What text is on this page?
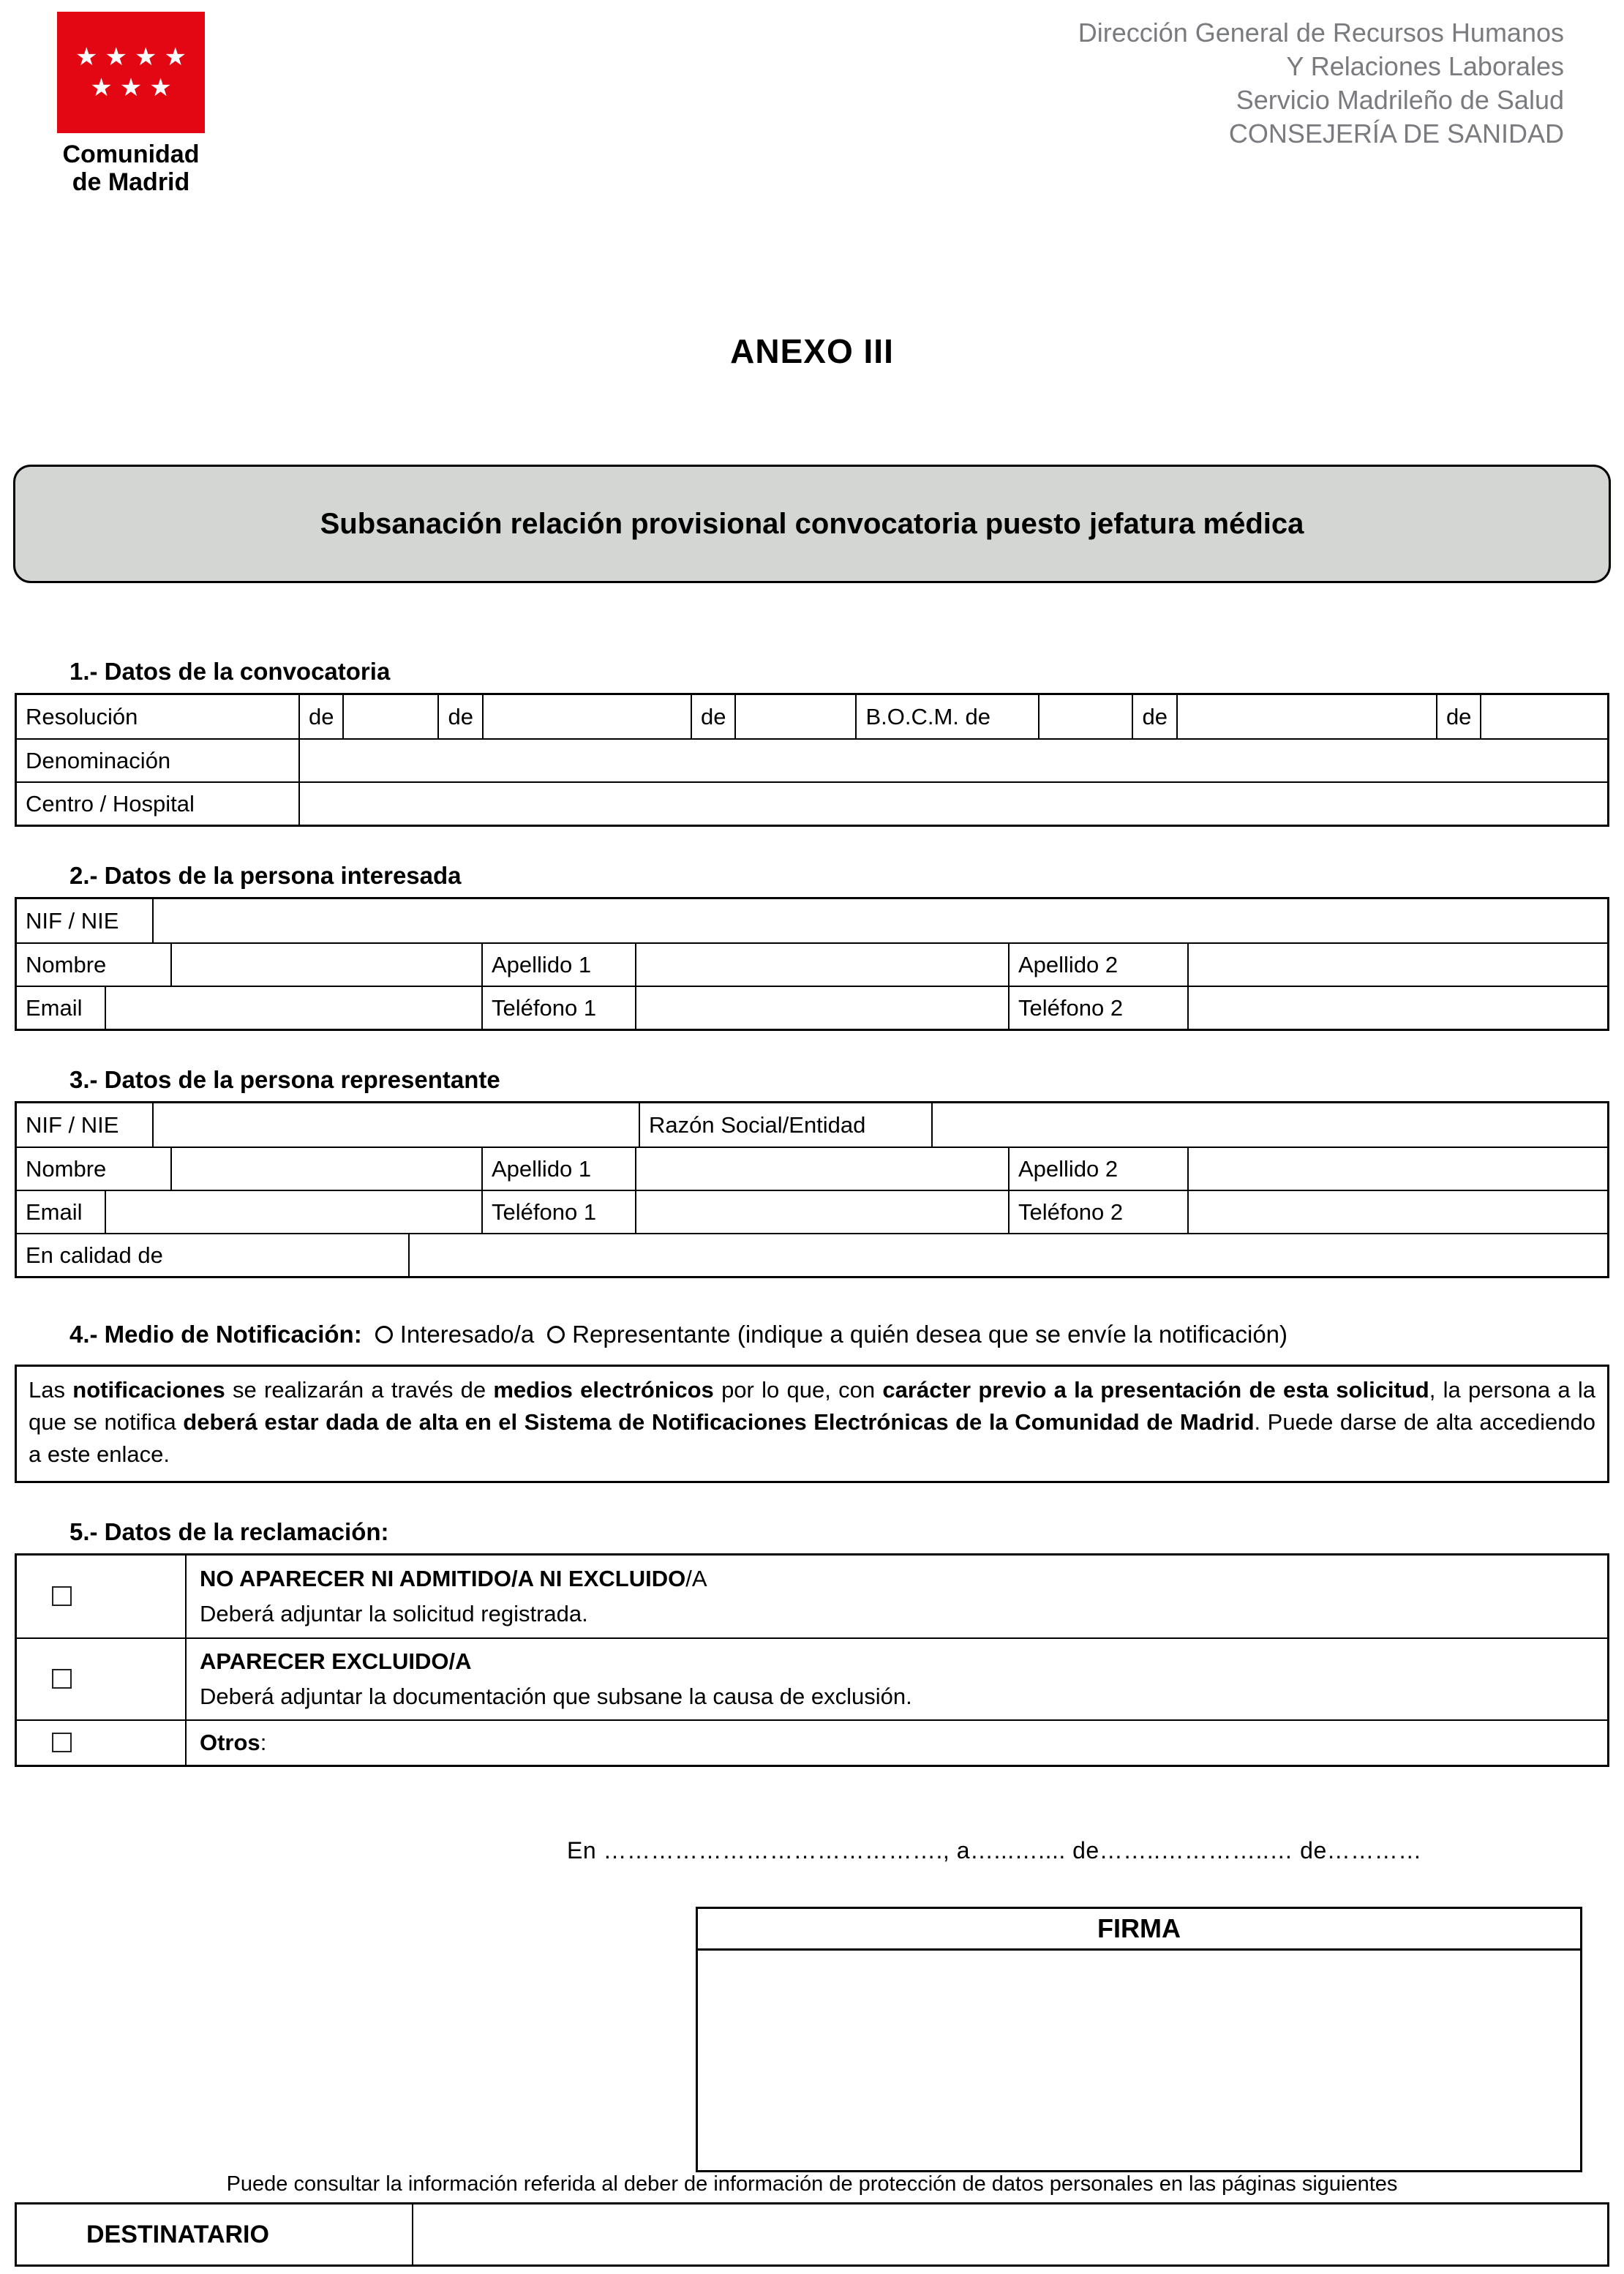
★★★★
★★★
Comunidad
de Madrid
Dirección General de Recursos Humanos
Y Relaciones Laborales
Servicio Madrileño de Salud
CONSEJERÍA DE SANIDAD
ANEXO III
Subsanación relación provisional convocatoria puesto jefatura médica
1.- Datos de la convocatoria
Resolución	de	de	de	B.O.C.M. de	de	de
Denominación
Centro / Hospital
2.- Datos de la persona interesada
NIF / NIE
Nombre	Apellido 1	Apellido 2
Email	Teléfono 1	Teléfono 2
3.- Datos de la persona representante
NIF / NIE	Razón Social/Entidad
Nombre	Apellido 1	Apellido 2
Email	Teléfono 1	Teléfono 2
En calidad de
4.- Medio de Notificación: Interesado/a Representante (indique a quién desea que se envíe la notificación)
Las notificaciones se realizarán a través de medios electrónicos por lo que, con carácter previo a la presentación de esta solicitud, la persona a la que se notifica deberá estar dada de alta en el Sistema de Notificaciones Electrónicas de la Comunidad de Madrid. Puede darse de alta accediendo a este enlace.
5.- Datos de la reclamación:
NO APARECER NI ADMITIDO/A NI EXCLUIDO/A
Deberá adjuntar la solicitud registrada.
APARECER EXCLUIDO/A
Deberá adjuntar la documentación que subsane la causa de exclusión.
Otros:
En ……………………………………., a…...….... de……..…………..… de…………
FIRMA
Puede consultar la información referida al deber de información de protección de datos personales en las páginas siguientes
DESTINATARIO
